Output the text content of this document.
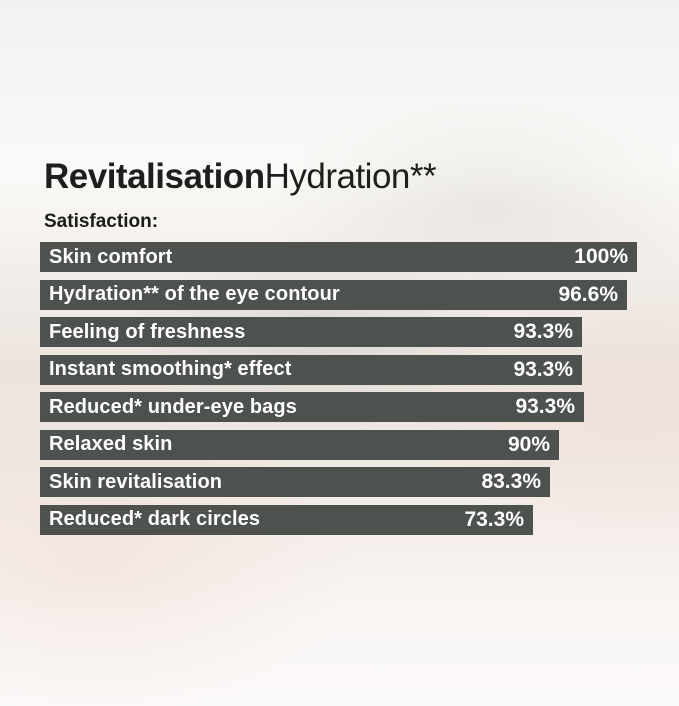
RevitalisationHydration**
Satisfaction:
Skin comfort	100%
Hydration** of the eye contour	96.6%
Feeling of freshness	93.3%
Instant smoothing* effect	93.3%
Reduced* under-eye bags	93.3%
Relaxed skin	90%
Skin revitalisation	83.3%
Reduced* dark circles	73.3%
